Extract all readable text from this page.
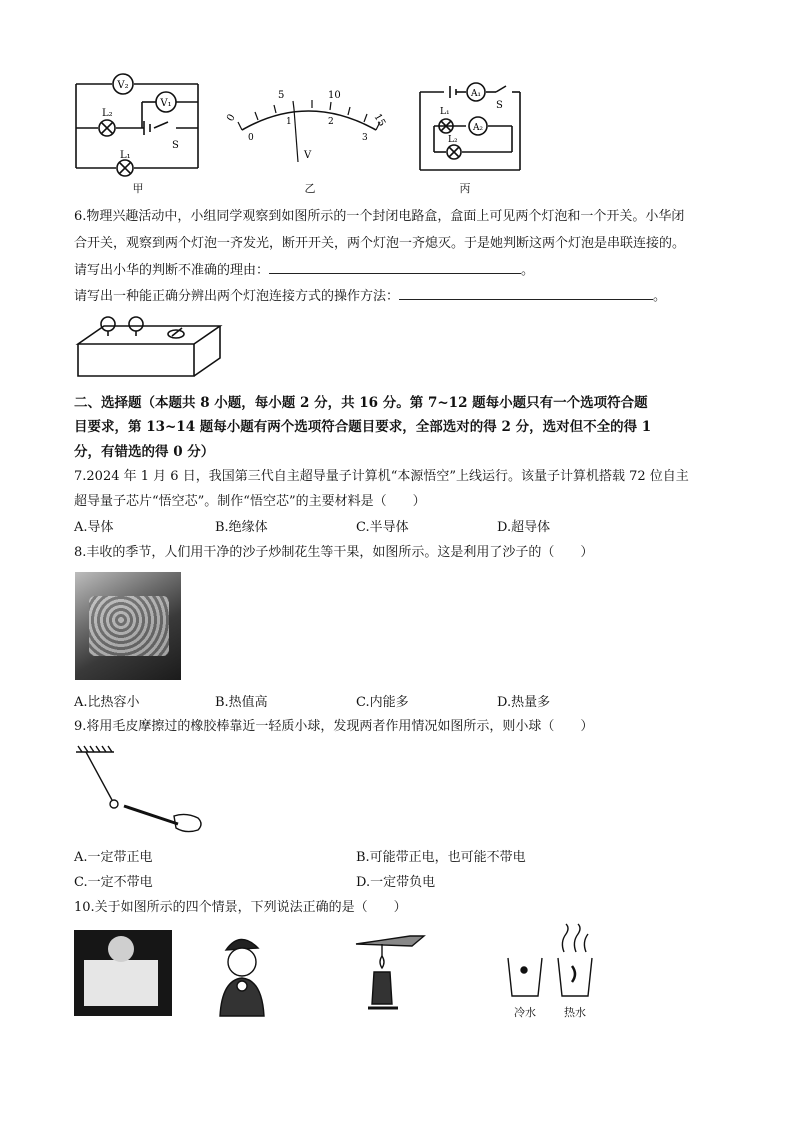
V₂
V₁
L₂
L₁
S
甲
0
5	10
15
0
1	2
3
V
乙
A₁
A₂
L₁
L₂
S
丙
6.物理兴趣活动中，小组同学观察到如图所示的一个封闭电路盒，盒面上可见两个灯泡和一个开关。小华闭
合开关，观察到两个灯泡一齐发光，断开开关，两个灯泡一齐熄灭。于是她判断这两个灯泡是串联连接的。
请写出小华的判断不准确的理由：	。
请写出一种能正确分辨出两个灯泡连接方式的操作方法：	。
二、选择题（本题共 8 小题，每小题 2 分，共 16 分。第 7~12 题每小题只有一个选项符合题
目要求，第 13~14 题每小题有两个选项符合题目要求，全部选对的得 2 分，选对但不全的得 1
分，有错选的得 0 分）
7.2024 年 1 月 6 日，我国第三代自主超导量子计算机“本源悟空”上线运行。该量子计算机搭载 72 位自主
超导量子芯片“悟空芯”。制作“悟空芯”的主要材料是（　　）
A.导体	B.绝缘体	C.半导体	D.超导体
8.丰收的季节，人们用干净的沙子炒制花生等干果，如图所示。这是利用了沙子的（　　）
A.比热容小	B.热值高	C.内能多	D.热量多
9.将用毛皮摩擦过的橡胶棒靠近一轻质小球，发现两者作用情况如图所示，则小球（　　）
A.一定带正电	B.可能带正电，也可能不带电
C.一定不带电	D.一定带负电
10.关于如图所示的四个情景，下列说法正确的是（　　）
冷水	热水
